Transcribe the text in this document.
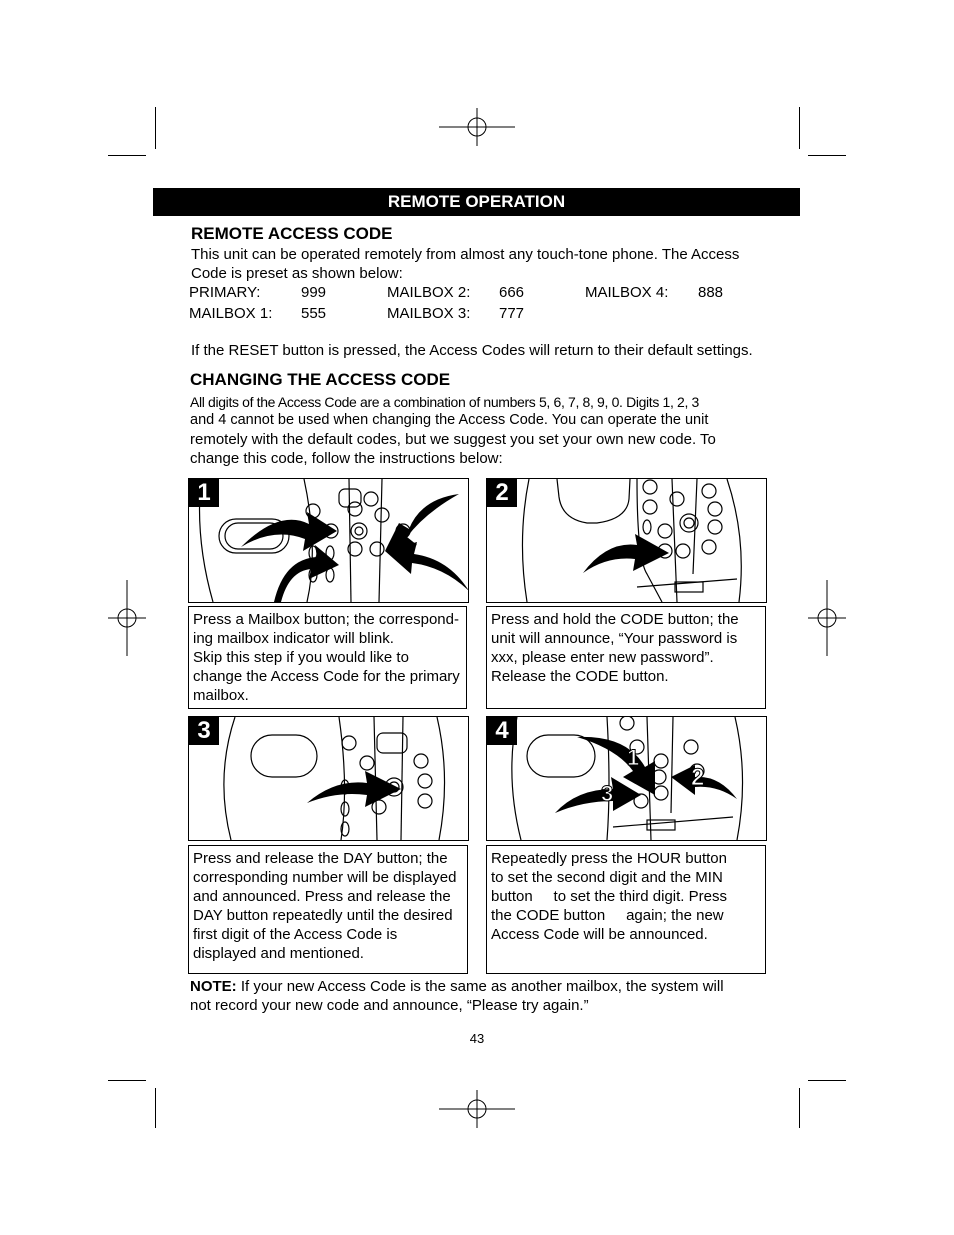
REMOTE OPERATION
REMOTE ACCESS CODE
This unit can be operated remotely from almost any touch-tone phone. The Access
Code is preset as shown below:
PRIMARY:	999	MAILBOX 2: 666	MAILBOX 4: 888
MAILBOX 1: 555	MAILBOX 3: 777
If the RESET button is pressed, the Access Codes will return to their default settings.
CHANGING THE ACCESS CODE
All digits of the Access Code are a combination of numbers 5, 6, 7, 8, 9, 0. Digits 1, 2, 3
and 4 cannot be used when changing the Access Code. You can operate the unit
remotely with the default codes, but we suggest you set your own new code. To
change this code, follow the instructions below:
1
Press a Mailbox button; the correspond-
ing mailbox indicator will blink.
Skip this step if you would like to
change the Access Code for the primary
mailbox.
2
Press and hold the CODE button; the
unit will announce, “Your password is
xxx, please enter new password”.
Release the CODE button.
3
Press and release the DAY button; the
corresponding number will be displayed
and announced. Press and release the
DAY button repeatedly until the desired
first digit of the Access Code is
displayed and mentioned.
1
2
3
4
Repeatedly press the HOUR button
to set the second digit and the MIN
button     to set the third digit. Press
the CODE button     again; the new
Access Code will be announced.
NOTE: If your new Access Code is the same as another mailbox, the system will
not record your new code and announce, “Please try again.”
43
